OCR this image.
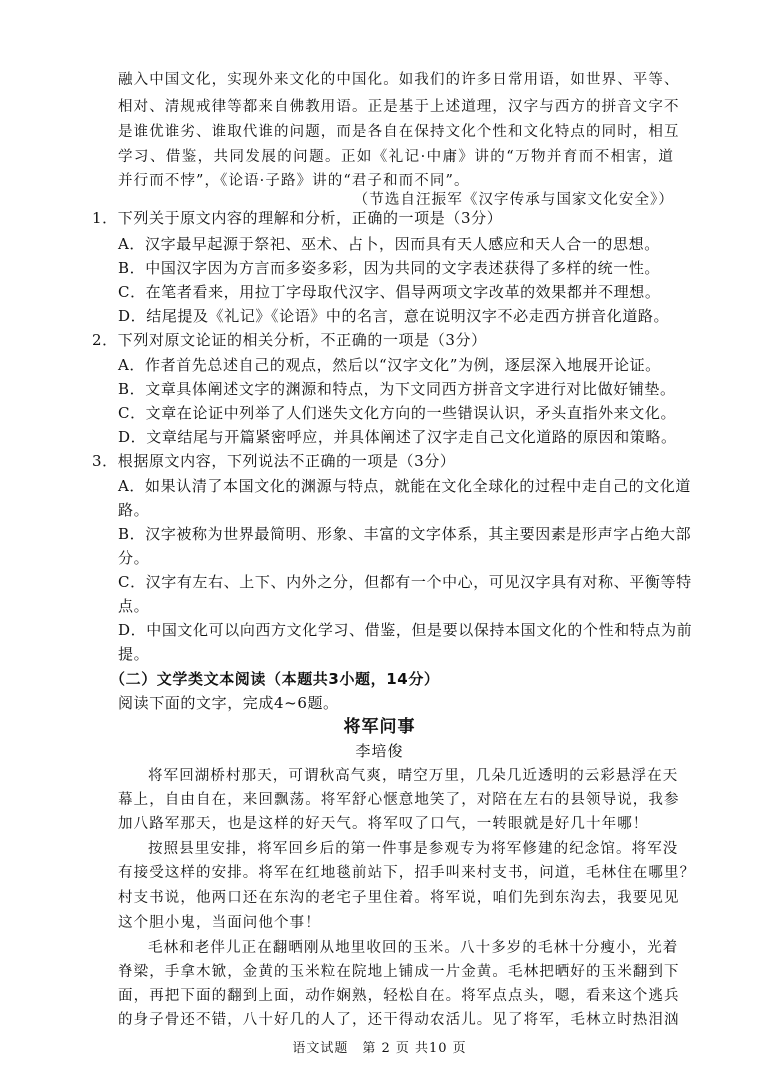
融入中国文化，实现外来文化的中国化。如我们的许多日常用语，如世界、平等、
相对、清规戒律等都来自佛教用语。正是基于上述道理，汉字与西方的拼音文字不
是谁优谁劣、谁取代谁的问题，而是各自在保持文化个性和文化特点的同时，相互
学习、借鉴，共同发展的问题。正如《礼记·中庸》讲的“万物并育而不相害，道
并行而不悖”，《论语·子路》讲的“君子和而不同”。
（节选自汪振军《汉字传承与国家文化安全》）
1．下列关于原文内容的理解和分析，正确的一项是（3分）
A．汉字最早起源于祭祀、巫术、占卜，因而具有天人感应和天人合一的思想。
B．中国汉字因为方言而多姿多彩，因为共同的文字表述获得了多样的统一性。
C．在笔者看来，用拉丁字母取代汉字、倡导两项文字改革的效果都并不理想。
D．结尾提及《礼记》《论语》中的名言，意在说明汉字不必走西方拼音化道路。
2．下列对原文论证的相关分析，不正确的一项是（3分）
A．作者首先总述自己的观点，然后以“汉字文化”为例，逐层深入地展开论证。
B．文章具体阐述文字的渊源和特点，为下文同西方拼音文字进行对比做好铺垫。
C．文章在论证中列举了人们迷失文化方向的一些错误认识，矛头直指外来文化。
D．文章结尾与开篇紧密呼应，并具体阐述了汉字走自己文化道路的原因和策略。
3．根据原文内容，下列说法不正确的一项是（3分）
A．如果认清了本国文化的渊源与特点，就能在文化全球化的过程中走自己的文化道
路。
B．汉字被称为世界最简明、形象、丰富的文字体系，其主要因素是形声字占绝大部
分。
C．汉字有左右、上下、内外之分，但都有一个中心，可见汉字具有对称、平衡等特
点。
D．中国文化可以向西方文化学习、借鉴，但是要以保持本国文化的个性和特点为前
提。
（二）文学类文本阅读（本题共3小题，14分）
阅读下面的文字，完成4~6题。
将军问事
李培俊
将军回湖桥村那天，可谓秋高气爽，晴空万里，几朵几近透明的云彩悬浮在天
幕上，自由自在，来回飘荡。将军舒心惬意地笑了，对陪在左右的县领导说，我参
加八路军那天，也是这样的好天气。将军叹了口气，一转眼就是好几十年哪！
按照县里安排，将军回乡后的第一件事是参观专为将军修建的纪念馆。将军没
有接受这样的安排。将军在红地毯前站下，招手叫来村支书，问道，毛林住在哪里？
村支书说，他两口还在东沟的老宅子里住着。将军说，咱们先到东沟去，我要见见
这个胆小鬼，当面问他个事！
毛林和老伴儿正在翻晒刚从地里收回的玉米。八十多岁的毛林十分瘦小，光着
脊梁，手拿木锨，金黄的玉米粒在院地上铺成一片金黄。毛林把晒好的玉米翻到下
面，再把下面的翻到上面，动作娴熟，轻松自在。将军点点头，嗯，看来这个逃兵
的身子骨还不错，八十好几的人了，还干得动农活儿。见了将军，毛林立时热泪汹
语文试题　第 2 页 共10 页
